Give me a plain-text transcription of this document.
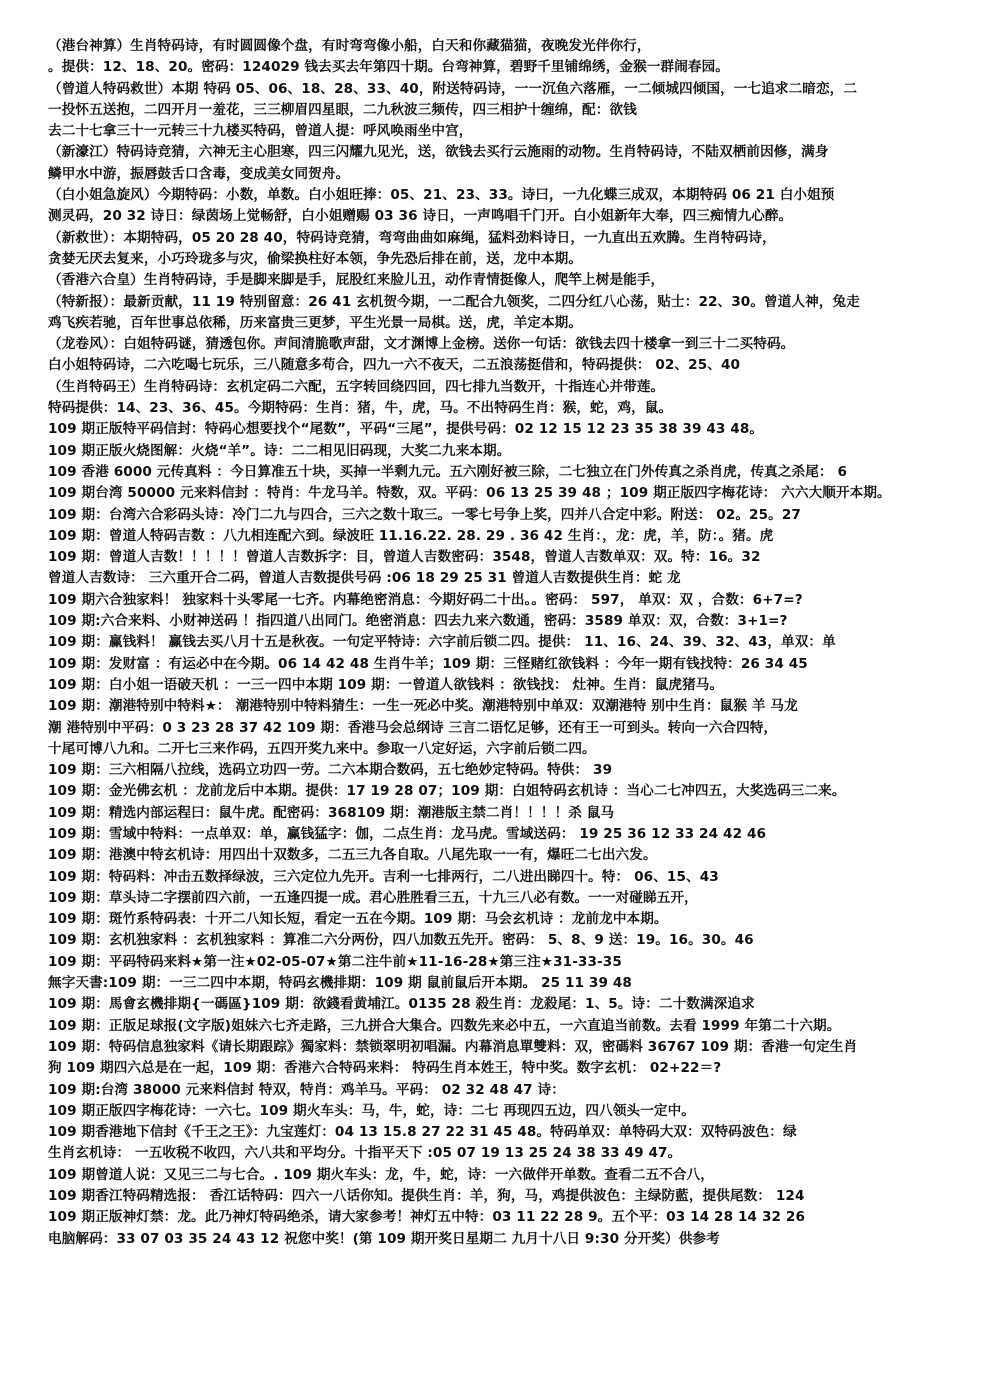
（港台神算）生肖特码诗，有时圆圆像个盘，有时弯弯像小船，白天和你藏猫猫，夜晚发光伴你行，
。提供：12、18、20。密码：124029 钱去买去年第四十期。台弯神算，碧野千里铺绵绣，金猴一群闹春园。
（曾道人特码救世）本期 特码 05、06、18、28、33、40，附送特码诗，一一沉鱼六落雁，一二倾城四倾国，一七追求二暗恋，二
一投怀五送抱，二四开月一羞花，三三柳眉四星眼，二九秋波三频传，四三相护十缠绵，配：欲钱
去二十七拿三十一元转三十九楼买特码，曾道人提：呼风唤雨坐中宫，
（新濠江）特码诗竞猜，六神无主心胆寒，四三闪耀九见光，送，欲钱去买行云施雨的动物。生肖特码诗，不陆双栖前因修，满身
鳞甲水中游，振唇鼓舌口含毒，变成美女同贺舟。
（白小姐急旋风）今期特码：小数，单数。白小姐旺捧：05、21、23、33。诗曰，一九化蝶三成双，本期特码 06 21 白小姐预
测灵码，20 32 诗日：绿茵场上觉畅舒，白小姐赠赐 03 36 诗日，一声鸣唱千门开。白小姐新年大奉，四三痴情九心醉。
（新救世）：本期特码，05 20 28 40，特码诗竞猜，弯弯曲曲如麻绳，猛料劲料诗日，一九直出五欢腾。生肖特码诗，
贪婪无厌去复来，小巧玲珑多与灾，偷梁换柱好本领，争先恐后排在前，送，龙中本期。
（香港六合皇）生肖特码诗，手是脚来脚是手，屁股红来脸儿丑，动作青情挺像人，爬竿上树是能手，
（特新报）：最新贡献，11 19 特别留意：26 41 玄机贺今期，一二配合九领奖，二四分红八心荡，贴士：22、30。曾道人神，兔走
鸡飞疾若驰，百年世事总依稀，历来富贵三更梦，平生光景一局棋。送，虎，羊定本期。
（龙卷风）：白姐特码谜，猜透包你。声间清脆歌声甜，文才渊博上金榜。送你一句话：欲钱去四十楼拿一到三十二买特码。
白小姐特码诗，二六吃喝七玩乐，三八随意多苟合，四九一六不夜天，二五浪荡挺借和，特码提供： 02、25、40
（生肖特码王）生肖特码诗：玄机定码二六配，五字转回绕四回，四七排九当数开，十指连心并带莲。
特码提供：14、23、36、45。今期特码：生肖：猪，牛，虎，马。不出特码生肖：猴，蛇，鸡，鼠。
109 期正版特平码信封：特码心想要找个“尾数”，平码“三尾”，提供号码：02 12 15 12 23 35 38 39 43 48。
109 期正版火烧图解：火烧“羊”。诗：二二相见旧码现，大奖二九来本期。
109 香港 6000 元传真料 ：今日算准五十块，买掉一半剩九元。五六刚好被三除，二七独立在门外传真之杀肖虎，传真之杀尾： 6
109 期台湾 50000 元来料信封 ：特肖：牛龙马羊。特数，双。平码：06 13 25 39 48 ；109 期正版四字梅花诗： 六六大顺开本期。
109 期：台湾六合彩码头诗：冷门二九与四合，三六之数十取三。一零七号争上奖，四并八合定中彩。附送： 02。25。27
109 期：曾道人特码吉数 ：八九相连配六到。绿波旺 11.16.22. 28. 29 . 36 42 生肖：，龙：虎，羊，防：。猪。虎
109 期：曾道人吉数！！！！！曾道人吉数拆字：目，曾道人吉数密码：3548，曾道人吉数单双：双。特：16。32
曾道人吉数诗： 三六重开合二码，曾道人吉数提供号码 :06 18 29 25 31 曾道人吉数提供生肖：蛇 龙
109 期六合独家料！ 独家料十头零尾一七齐。内幕绝密消息：今期好码二十出。。密码： 597， 单双：双 ，合数：6+7=?
109 期:六合来料、小财神送码 ！指四道八出同门。绝密消息：四去九来六数通，密码：3589 单双：双，合数：3+1=?
109 期：赢钱料！ 赢钱去买八月十五是秋夜。一句定平特诗：六字前后锁二四。提供： 11、16、24、39、32、43，单双：单
109 期：发财富 ：有运必中在今期。06 14 42 48 生肖牛羊；109 期：三怪赌红欲钱料 ：今年一期有钱找特：26 34 45
109 期：白小姐一语破天机 ：一三一四中本期 109 期：一曾道人欲钱料 ：欲钱找： 灶神。生肖：鼠虎猪马。
109 期：潮港特别中特料★： 潮港特别中特料猜生：一生一死必中奖。潮港特别中单双：双潮港特 别中生肖：鼠猴 羊 马龙
潮 港特别中平码：0 3 23 28 37 42 109 期：香港马会总纲诗 三言二语忆足够，还有王一可到头。转向一六合四特，
十尾可博八九和。二开七三来作码，五四开奖九来中。参取一八定好运，六字前后锁二四。
109 期：三六相隔八拉线，选码立功四一劳。二六本期合数码，五七绝妙定特码。特供： 39
109 期：金光佛玄机 ：龙前龙后中本期。提供：17 19 28 07；109 期：白姐特码玄机诗 ：当心二七冲四五，大奖选码三二来。
109 期：精选内部运程曰：鼠牛虎。配密码：368109 期：潮港版主禁二肖！！！！杀 鼠马
109 期：雪域中特料：一点单双：单，赢钱猛字：伽，二点生肖：龙马虎。雪域送码： 19 25 36 12 33 24 42 46
109 期：港澳中特玄机诗：用四出十双数多，二五三九各自取。八尾先取一一有，爆旺二七出六发。
109 期：特码料：冲击五数择绿波，三六定位九先开。吉利一七排两行，二八进出睇四十。特： 06、15、43
109 期：草头诗二字摆前四六前，一五逢四提一成。君心胜胜看三五，十九三八必有数。一一对碰睇五开，
109 期：斑竹系特码表：十开二八知长短，看定一五在今期。109 期：马会玄机诗 ：龙前龙中本期。
109 期：玄机独家料 ：玄机独家料 ：算准二六分两份，四八加数五先开。密码： 5、8、9 送：19。16。30。46
109 期：平码特码来料★第一注★02-05-07★第二注牛前★11-16-28★第三注★31-33-35
無字天書:109 期：一三二四中本期，特码玄機排期：109 期 鼠前鼠后开本期。 25 11 39 48
109 期：馬會玄機排期{一碼區}109 期：欲錢看黄埔江。0135 28 殺生肖：龙殺尾：1、5。诗：二十数满深追求
109 期：正版足球报(文字版)姐妹六七齐走路，三九拼合大集合。四数先来必中五，一六直追当前数。去看 1999 年第二十六期。
109 期：特码信息独家料《请长期跟踪》獨家料：禁锁翠明初唱漏。内幕消息單雙料：双，密碼料 36767 109 期：香港一句定生肖
狗 109 期四六总是在一起，109 期：香港六合特码来料： 特码生肖本姓王，特中奖。数字玄机： 02+22＝?
109 期:台湾 38000 元来料信封 特双，特肖：鸡羊马。平码： 02 32 48 47 诗：
109 期正版四字梅花诗：一六七。109 期火车头：马，牛，蛇，诗：二七 再现四五边，四八领头一定中。
109 期香港地下信封《千王之王》：九宝莲灯：04 13 15.8 27 22 31 45 48。特码单双：单特码大双：双特码波色：绿
生肖玄机诗： 一五收税不收四，六八共和平均分。十指平天下 :05 07 19 13 25 24 38 33 49 47。
109 期曾道人说：又见三二与七合。. 109 期火车头：龙，牛，蛇，诗：一六做伴开单数。查看二五不合八，
109 期香江特码精选报： 香江话特码：四六一八话你知。提供生肖：羊，狗，马，鸡提供波色：主绿防藍，提供尾数： 124
109 期正版神灯禁：龙。此乃神灯特码绝杀，请大家参考！神灯五中特：03 11 22 28 9。五个平：03 14 28 14 32 26
电脑解码：33 07 03 35 24 43 12 祝您中奖！(第 109 期开奖日星期二 九月十八日 9:30 分开奖）供参考
